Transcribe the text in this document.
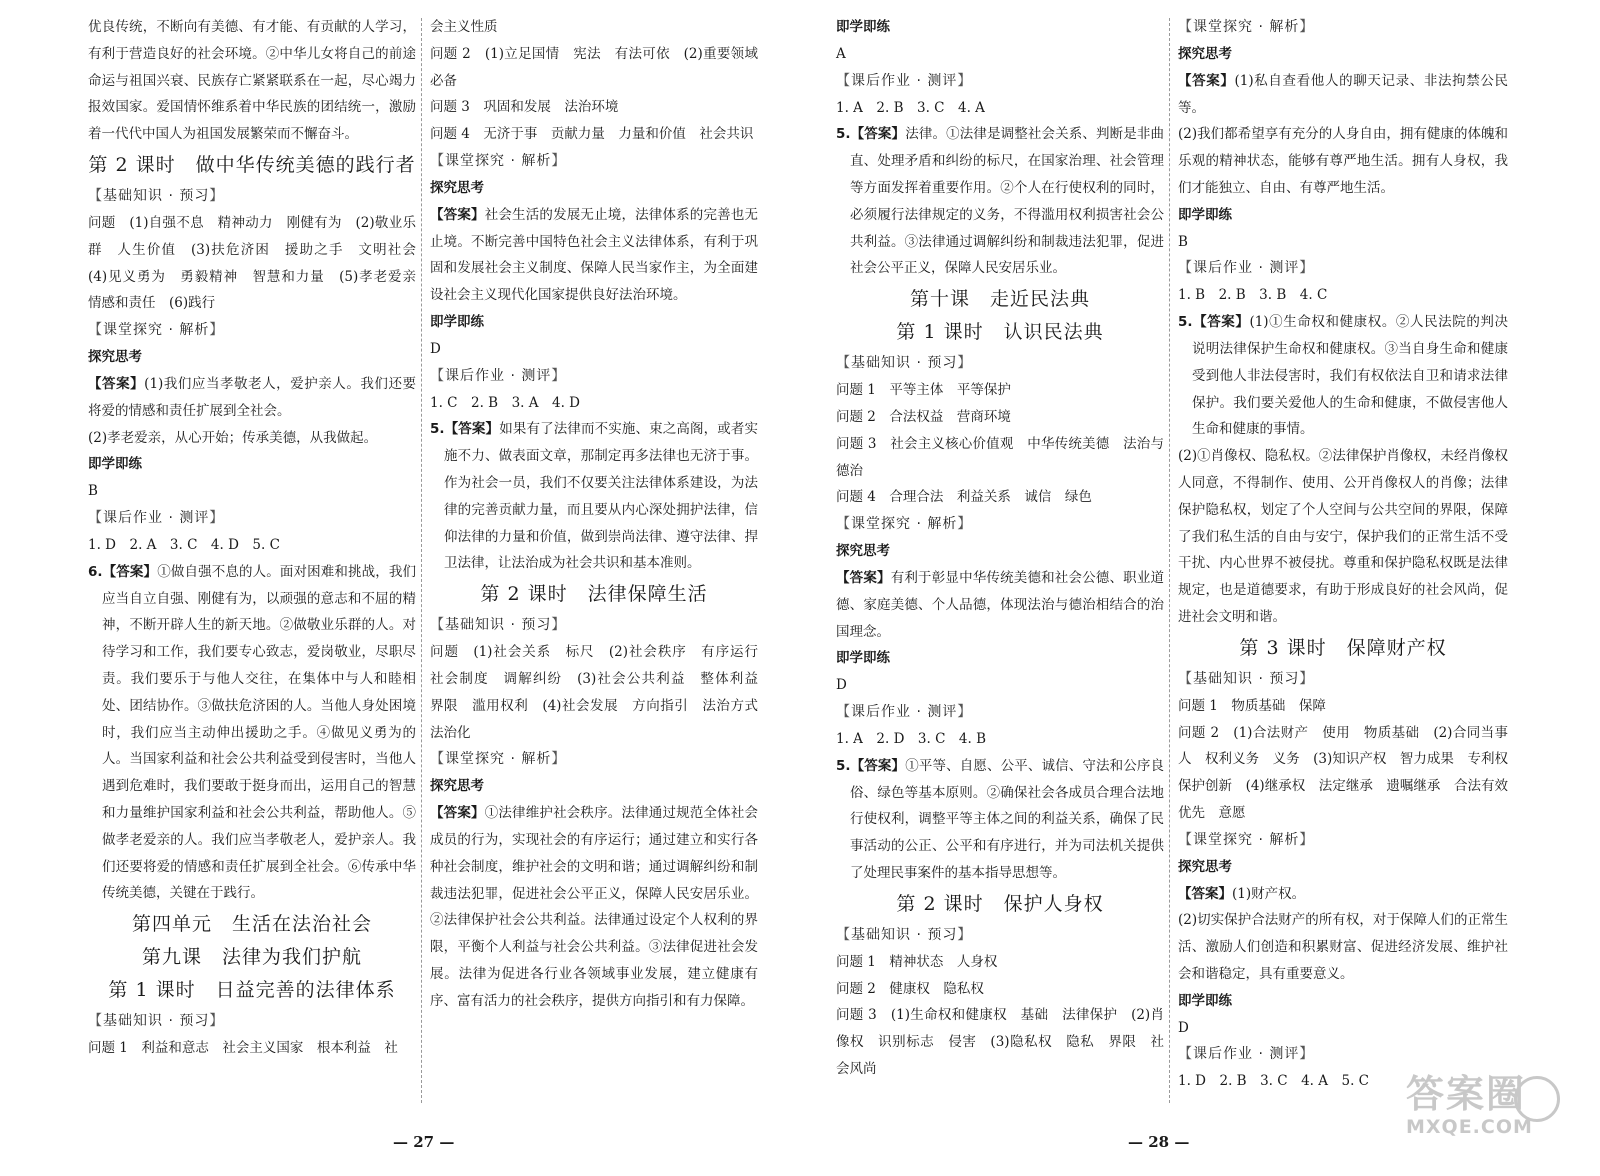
优良传统，不断向有美德、有才能、有贡献的人学习，有利于营造良好的社会环境。②中华儿女将自己的前途命运与祖国兴衰、民族存亡紧紧联系在一起，尽心竭力报效国家。爱国情怀维系着中华民族的团结统一，激励着一代代中国人为祖国发展繁荣而不懈奋斗。

第 2 课时　做中华传统美德的践行者
【基础知识 · 预习】

问题　(1)自强不息　精神动力　刚健有为　(2)敬业乐群　人生价值　(3)扶危济困　援助之手　文明社会　(4)见义勇为　勇毅精神　智慧和力量　(5)孝老爱亲　情感和责任　(6)践行

【课堂探究 · 解析】
探究思考

【答案】(1)我们应当孝敬老人，爱护亲人。我们还要将爱的情感和责任扩展到全社会。

(2)孝老爱亲，从心开始；传承美德，从我做起。

即学即练

B

【课后作业 · 测评】

1. D　2. A　3. C　4. D　5. C

6.【答案】①做自强不息的人。面对困难和挑战，我们应当自立自强、刚健有为，以顽强的意志和不屈的精神，不断开辟人生的新天地。②做敬业乐群的人。对待学习和工作，我们要专心致志，爱岗敬业，尽职尽责。我们要乐于与他人交往，在集体中与人和睦相处、团结协作。③做扶危济困的人。当他人身处困境时，我们应当主动伸出援助之手。④做见义勇为的人。当国家利益和社会公共利益受到侵害时，当他人遇到危难时，我们要敢于挺身而出，运用自己的智慧和力量维护国家利益和社会公共利益，帮助他人。⑤做孝老爱亲的人。我们应当孝敬老人，爱护亲人。我们还要将爱的情感和责任扩展到全社会。⑥传承中华传统美德，关键在于践行。

第四单元　生活在法治社会
第九课　法律为我们护航
第 1 课时　日益完善的法律体系
【基础知识 · 预习】

问题 1　利益和意志　社会主义国家　根本利益　社

会主义性质

问题 2　(1)立足国情　宪法　有法可依　(2)重要领域　必备

问题 3　巩固和发展　法治环境

问题 4　无济于事　贡献力量　力量和价值　社会共识

【课堂探究 · 解析】
探究思考

【答案】社会生活的发展无止境，法律体系的完善也无止境。不断完善中国特色社会主义法律体系，有利于巩固和发展社会主义制度、保障人民当家作主，为全面建设社会主义现代化国家提供良好法治环境。

即学即练

D

【课后作业 · 测评】

1. C　2. B　3. A　4. D

5.【答案】如果有了法律而不实施、束之高阁，或者实施不力、做表面文章，那制定再多法律也无济于事。作为社会一员，我们不仅要关注法律体系建设，为法律的完善贡献力量，而且要从内心深处拥护法律，信仰法律的力量和价值，做到崇尚法律、遵守法律、捍卫法律，让法治成为社会共识和基本准则。

第 2 课时　法律保障生活
【基础知识 · 预习】

问题　(1)社会关系　标尺　(2)社会秩序　有序运行　社会制度　调解纠纷　(3)社会公共利益　整体利益　界限　滥用权利　(4)社会发展　方向指引　法治方式　法治化

【课堂探究 · 解析】
探究思考

【答案】①法律维护社会秩序。法律通过规范全体社会成员的行为，实现社会的有序运行；通过建立和实行各种社会制度，维护社会的文明和谐；通过调解纠纷和制裁违法犯罪，促进社会公平正义，保障人民安居乐业。②法律保护社会公共利益。法律通过设定个人权利的界限，平衡个人利益与社会公共利益。③法律促进社会发展。法律为促进各行业各领域事业发展，建立健康有序、富有活力的社会秩序，提供方向指引和有力保障。

— 27 —
即学即练

A

【课后作业 · 测评】

1. A　2. B　3. C　4. A

5.【答案】法律。①法律是调整社会关系、判断是非曲直、处理矛盾和纠纷的标尺，在国家治理、社会管理等方面发挥着重要作用。②个人在行使权利的同时，必须履行法律规定的义务，不得滥用权利损害社会公共利益。③法律通过调解纠纷和制裁违法犯罪，促进社会公平正义，保障人民安居乐业。

第十课　走近民法典
第 1 课时　认识民法典
【基础知识 · 预习】

问题 1　平等主体　平等保护

问题 2　合法权益　营商环境

问题 3　社会主义核心价值观　中华传统美德　法治与德治

问题 4　合理合法　利益关系　诚信　绿色

【课堂探究 · 解析】
探究思考

【答案】有利于彰显中华传统美德和社会公德、职业道德、家庭美德、个人品德，体现法治与德治相结合的治国理念。

即学即练

D

【课后作业 · 测评】

1. A　2. D　3. C　4. B

5.【答案】①平等、自愿、公平、诚信、守法和公序良俗、绿色等基本原则。②确保社会各成员合理合法地行使权利，调整平等主体之间的利益关系，确保了民事活动的公正、公平和有序进行，并为司法机关提供了处理民事案件的基本指导思想等。

第 2 课时　保护人身权
【基础知识 · 预习】

问题 1　精神状态　人身权

问题 2　健康权　隐私权

问题 3　(1)生命权和健康权　基础　法律保护　(2)肖像权　识别标志　侵害　(3)隐私权　隐私　界限　社会风尚

【课堂探究 · 解析】
探究思考

【答案】(1)私自查看他人的聊天记录、非法拘禁公民等。

(2)我们都希望享有充分的人身自由，拥有健康的体魄和乐观的精神状态，能够有尊严地生活。拥有人身权，我们才能独立、自由、有尊严地生活。

即学即练

B

【课后作业 · 测评】

1. B　2. B　3. B　4. C

5.【答案】(1)①生命权和健康权。②人民法院的判决说明法律保护生命权和健康权。③当自身生命和健康受到他人非法侵害时，我们有权依法自卫和请求法律保护。我们要关爱他人的生命和健康，不做侵害他人生命和健康的事情。

(2)①肖像权、隐私权。②法律保护肖像权，未经肖像权人同意，不得制作、使用、公开肖像权人的肖像；法律保护隐私权，划定了个人空间与公共空间的界限，保障了我们私生活的自由与安宁，保护我们的正常生活不受干扰、内心世界不被侵扰。尊重和保护隐私权既是法律规定，也是道德要求，有助于形成良好的社会风尚，促进社会文明和谐。

第 3 课时　保障财产权
【基础知识 · 预习】

问题 1　物质基础　保障

问题 2　(1)合法财产　使用　物质基础　(2)合同当事人　权利义务　义务　(3)知识产权　智力成果　专利权　保护创新　(4)继承权　法定继承　遗嘱继承　合法有效　优先　意愿

【课堂探究 · 解析】
探究思考

【答案】(1)财产权。

(2)切实保护合法财产的所有权，对于保障人们的正常生活、激励人们创造和积累财富、促进经济发展、维护社会和谐稳定，具有重要意义。

即学即练

D

【课后作业 · 测评】

1. D　2. B　3. C　4. A　5. C

— 28 —
答案圈
MXQE.COM
